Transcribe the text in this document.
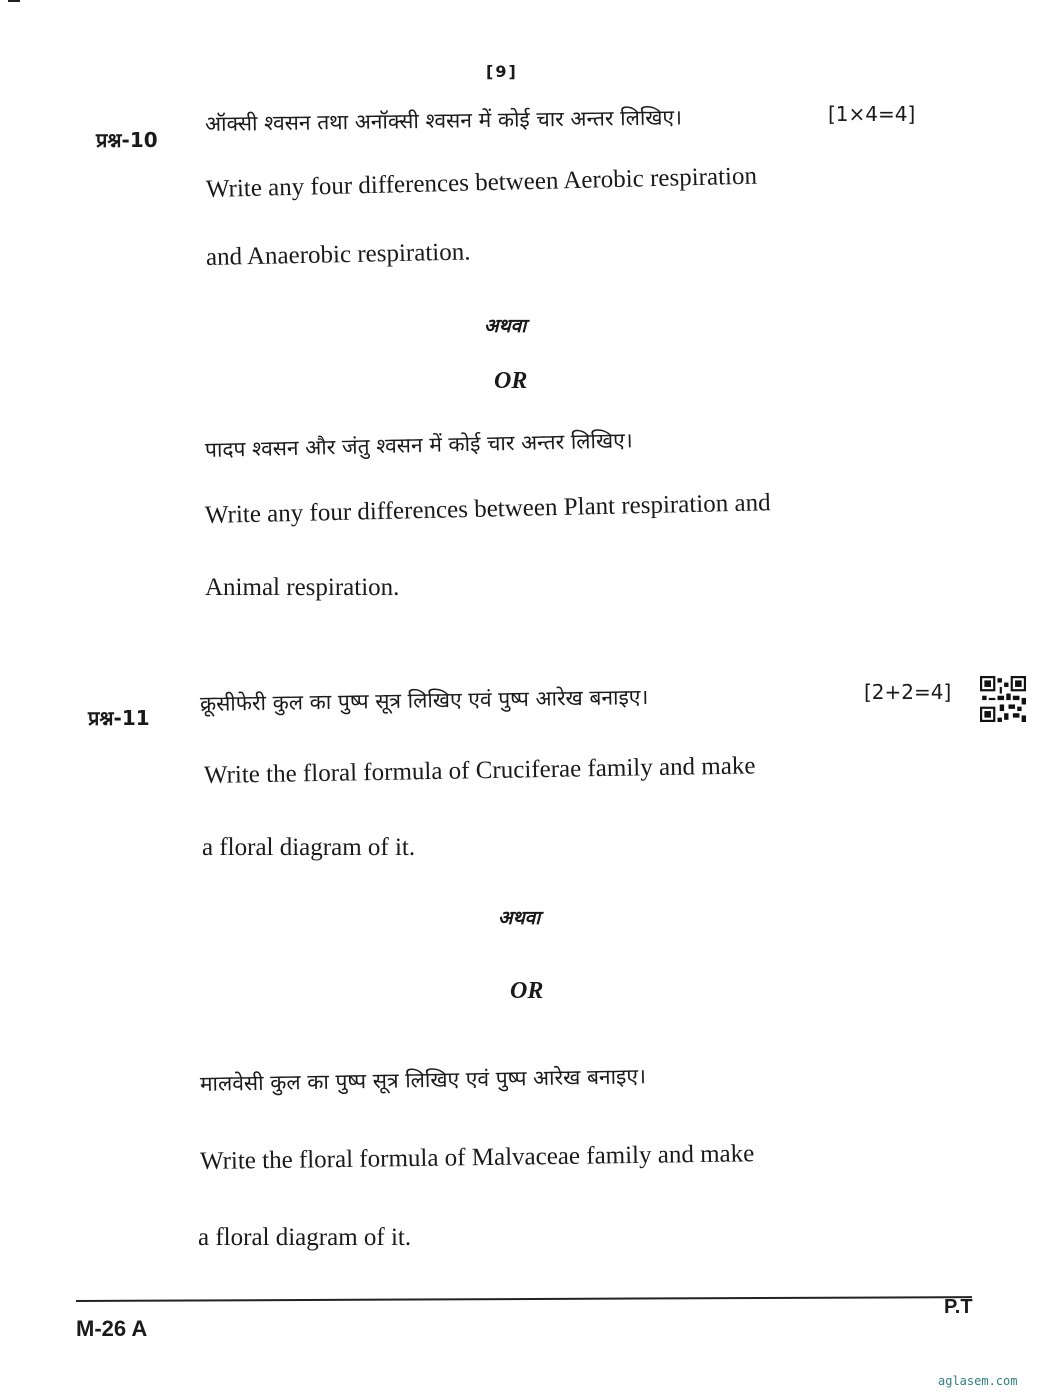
[9]
प्रश्न-10
ऑक्सी श्वसन तथा अनॉक्सी श्वसन में कोई चार अन्तर लिखिए।	[1×4=4]
Write any four differences between Aerobic respiration
and Anaerobic respiration.
अथवा
OR
पादप श्वसन और जंतु श्वसन में कोई चार अन्तर लिखिए।
Write any four differences between Plant respiration and
Animal respiration.
प्रश्न-11
क्रूसीफेरी कुल का पुष्प सूत्र लिखिए एवं पुष्प आरेख बनाइए।	[2+2=4]
Write the floral formula of Cruciferae family and make
a floral diagram of it.
अथवा
OR
मालवेसी कुल का पुष्प सूत्र लिखिए एवं पुष्प आरेख बनाइए।
Write the floral formula of Malvaceae family and make
a floral diagram of it.
M-26 A
P.T
aglasem.com
